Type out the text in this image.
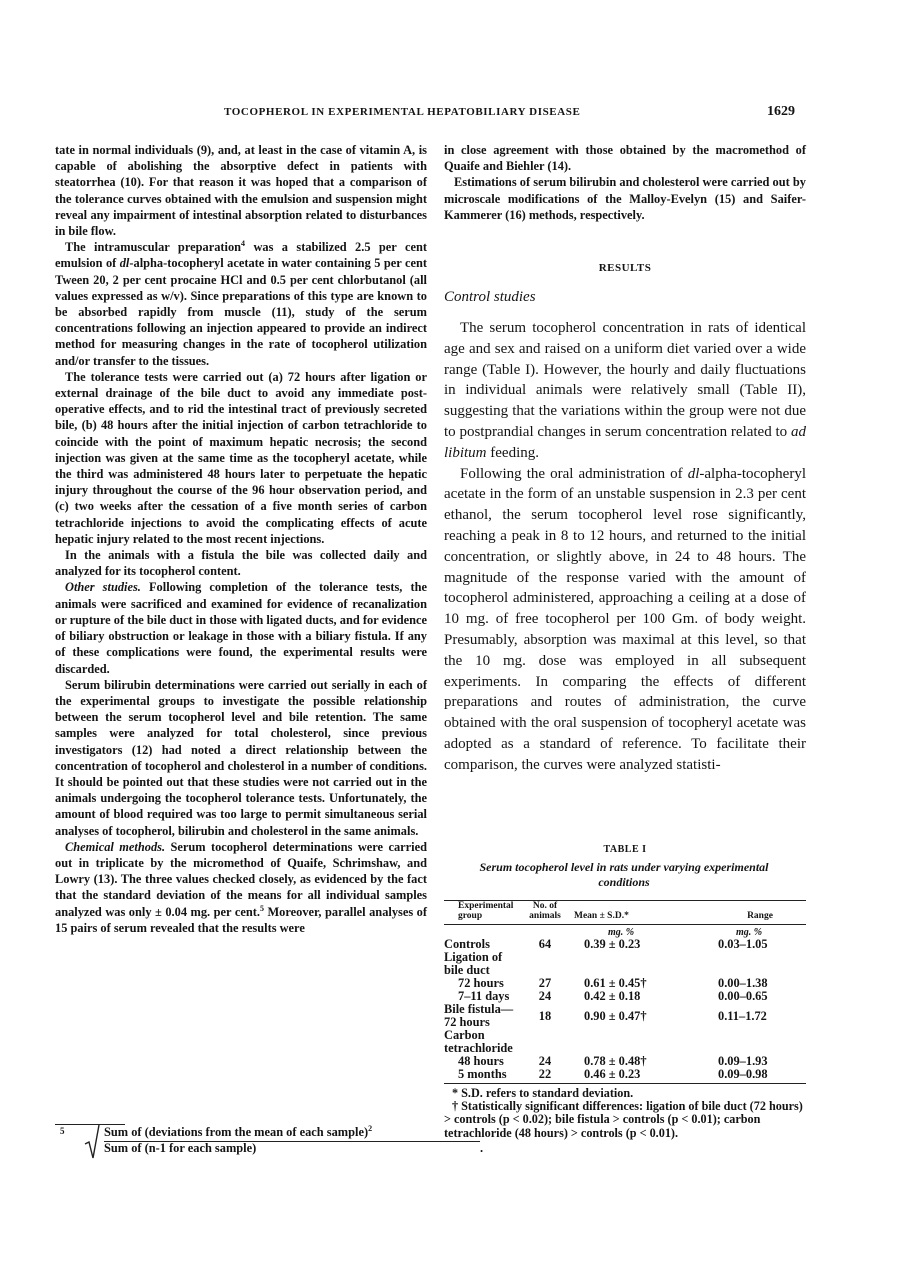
TOCOPHEROL IN EXPERIMENTAL HEPATOBILIARY DISEASE	1629

tate in normal individuals (9), and, at least in the case of vitamin A, is capable of abolishing the absorptive defect in patients with steatorrhea (10). For that reason it was hoped that a comparison of the tolerance curves obtained with the emulsion and suspension might reveal any impairment of intestinal absorption related to disturbances in bile flow.

The intramuscular preparation$^4$ was a stabilized 2.5 per cent emulsion of dl-alpha-tocopheryl acetate in water containing 5 per cent Tween 20, 2 per cent procaine HCl and 0.5 per cent chlorbutanol (all values expressed as w/v). Since preparations of this type are known to be absorbed rapidly from muscle (11), study of the serum concentrations following an injection appeared to provide an indirect method for measuring changes in the rate of tocopherol utilization and/or transfer to the tissues.

The tolerance tests were carried out (a) 72 hours after ligation or external drainage of the bile duct to avoid any immediate post-operative effects, and to rid the intestinal tract of previously secreted bile, (b) 48 hours after the initial injection of carbon tetrachloride to coincide with the point of maximum hepatic necrosis; the second injection was given at the same time as the tocopheryl acetate, while the third was administered 48 hours later to perpetuate the hepatic injury throughout the course of the 96 hour observation period, and (c) two weeks after the cessation of a five month series of carbon tetrachloride injections to avoid the complicating effects of acute hepatic injury related to the most recent injections.

In the animals with a fistula the bile was collected daily and analyzed for its tocopherol content.

Other studies. Following completion of the tolerance tests, the animals were sacrificed and examined for evidence of recanalization or rupture of the bile duct in those with ligated ducts, and for evidence of biliary obstruction or leakage in those with a biliary fistula. If any of these complications were found, the experimental results were discarded.

Serum bilirubin determinations were carried out serially in each of the experimental groups to investigate the possible relationship between the serum tocopherol level and bile retention. The same samples were analyzed for total cholesterol, since previous investigators (12) had noted a direct relationship between the concentration of tocopherol and cholesterol in a number of conditions. It should be pointed out that these studies were not carried out in the animals undergoing the tocopherol tolerance tests. Unfortunately, the amount of blood required was too large to permit simultaneous serial analyses of tocopherol, bilirubin and cholesterol in the same animals.

Chemical methods. Serum tocopherol determinations were carried out in triplicate by the micromethod of Quaife, Schrimshaw, and Lowry (13). The three values checked closely, as evidenced by the fact that the standard deviation of the means for all individual samples analyzed was only ± 0.04 mg. per cent.$^5$ Moreover, parallel analyses of 15 pairs of serum revealed that the results were

5	Sum of (deviations from the mean of each sample)$^2$
Sum of (n-1 for each sample)	.

in close agreement with those obtained by the macromethod of Quaife and Biehler (14).

Estimations of serum bilirubin and cholesterol were carried out by microscale modifications of the Malloy-Evelyn (15) and Saifer-Kammerer (16) methods, respectively.

RESULTS
Control studies

The serum tocopherol concentration in rats of identical age and sex and raised on a uniform diet varied over a wide range (Table I). However, the hourly and daily fluctuations in individual animals were relatively small (Table II), suggesting that the variations within the group were not due to postprandial changes in serum concentration related to ad libitum feeding.

Following the oral administration of dl-alpha-tocopheryl acetate in the form of an unstable suspension in 2.3 per cent ethanol, the serum tocopherol level rose significantly, reaching a peak in 8 to 12 hours, and returned to the initial concentration, or slightly above, in 24 to 48 hours. The magnitude of the response varied with the amount of tocopherol administered, approaching a ceiling at a dose of 10 mg. of free tocopherol per 100 Gm. of body weight. Presumably, absorption was maximal at this level, so that the 10 mg. dose was employed in all subsequent experiments. In comparing the effects of different preparations and routes of administration, the curve obtained with the oral suspension of tocopheryl acetate was adopted as a standard of reference. To facilitate their comparison, the curves were analyzed statisti-

TABLE I
Serum tocopherol level in rats under varying experimental conditions
Experimental group	No. of
animals	Mean ± S.D.*	Range

		mg. %	mg. %
Controls	64	0.39 ± 0.23	0.03–1.05
Ligation of bile duct			
72 hours	27	0.61 ± 0.45†	0.00–1.38
7–11 days	24	0.42 ± 0.18	0.00–0.65
Bile fistula—72 hours	18	0.90 ± 0.47†	0.11–1.72
Carbon tetrachloride			
48 hours	24	0.78 ± 0.48†	0.09–1.93
5 months	22	0.46 ± 0.23	0.09–0.98

* S.D. refers to standard deviation.

† Statistically significant differences: ligation of bile duct (72 hours) > controls (p < 0.02); bile fistula > controls (p < 0.01); carbon tetrachloride (48 hours) > controls (p < 0.01).
